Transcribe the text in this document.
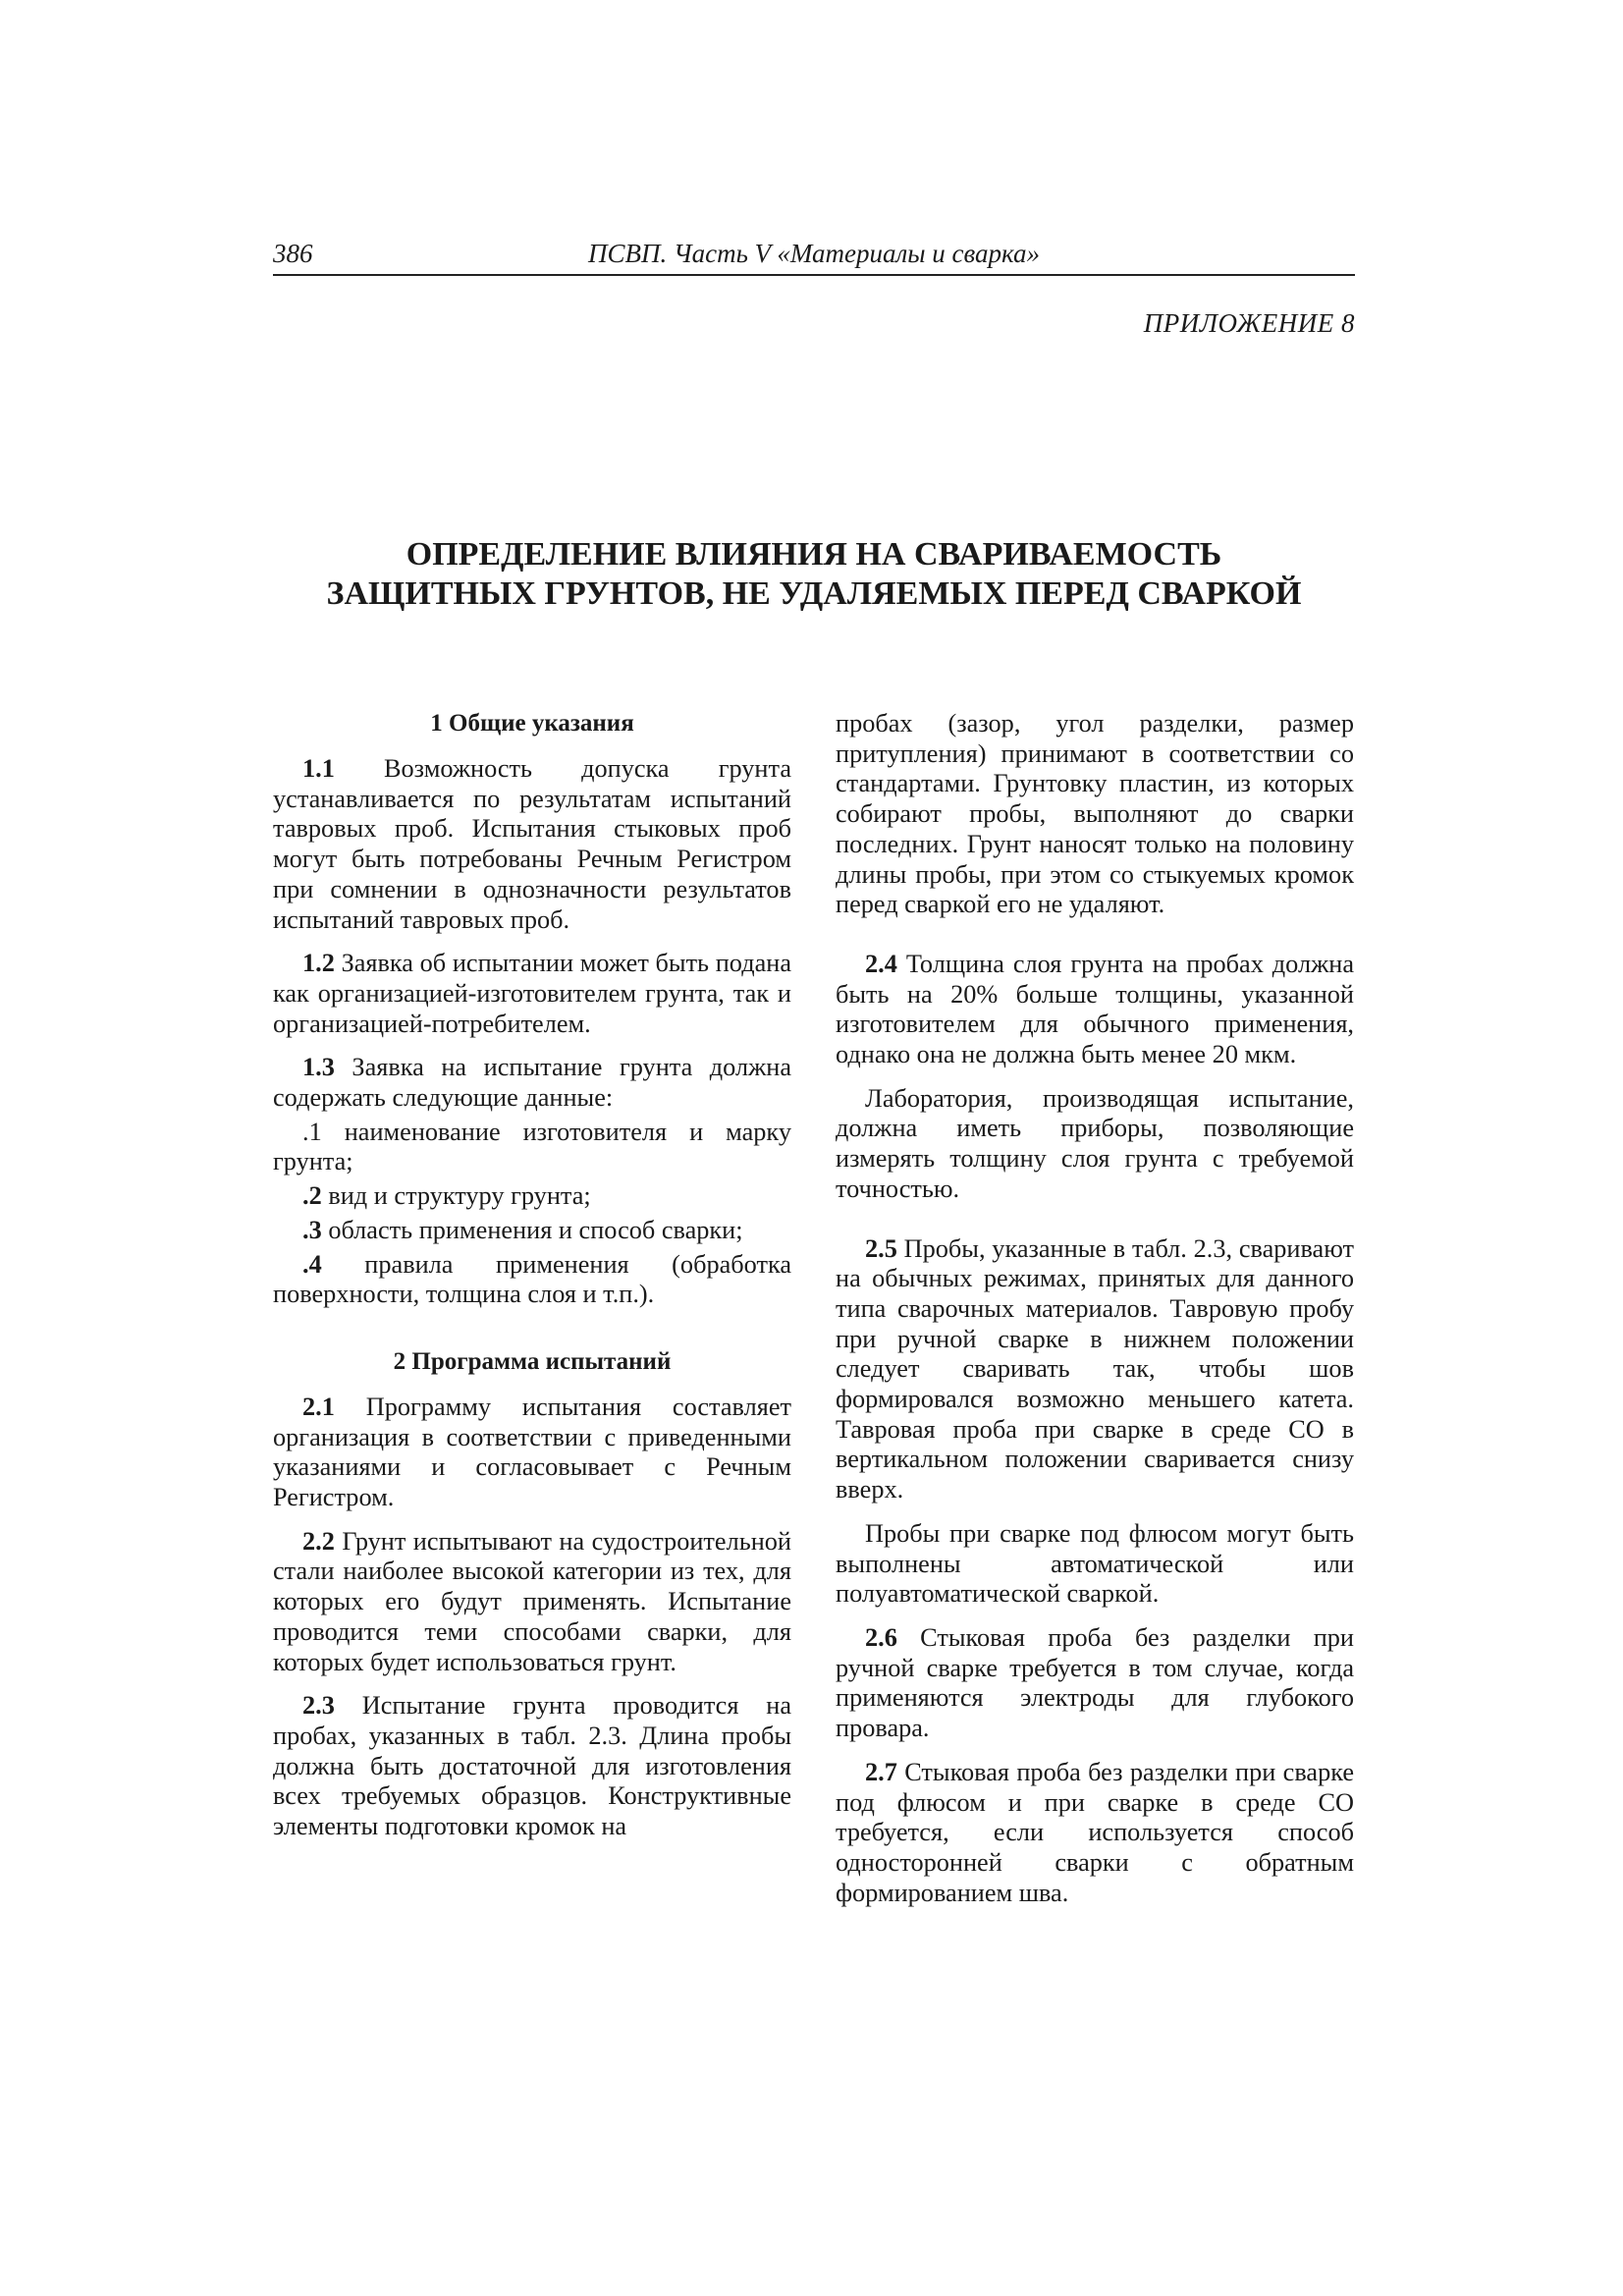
386	ПСВП. Часть V «Материалы и сварка»
ПРИЛОЖЕНИЕ 8
ОПРЕДЕЛЕНИЕ ВЛИЯНИЯ НА СВАРИВАЕМОСТЬ
ЗАЩИТНЫХ ГРУНТОВ, НЕ УДАЛЯЕМЫХ ПЕРЕД СВАРКОЙ
1 Общие указания

1.1 Возможность допуска грунта устанавливается по результатам испытаний тавровых проб. Испытания стыковых проб могут быть потребованы Речным Регистром при сомнении в однозначности результатов испытаний тавровых проб.

1.2 Заявка об испытании может быть подана как организацией-изготовителем грунта, так и организацией-потребителем.

1.3 Заявка на испытание грунта должна содержать следующие данные:

.1 наименование изготовителя и марку грунта;

.2 вид и структуру грунта;

.3 область применения и способ сварки;

.4 правила применения (обработка поверхности, толщина слоя и т.п.).

2 Программа испытаний

2.1 Программу испытания составляет организация в соответствии с приведенными указаниями и согласовывает с Речным Регистром.

2.2 Грунт испытывают на судостроительной стали наиболее высокой категории из тех, для которых его будут применять. Испытание проводится теми способами сварки, для которых будет использоваться грунт.

2.3 Испытание грунта проводится на пробах, указанных в табл. 2.3. Длина пробы должна быть достаточной для изготовления всех требуемых образцов. Конструктивные элементы подготовки кромок на

пробах (зазор, угол разделки, размер притупления) принимают в соответствии со стандартами. Грунтовку пластин, из которых собирают пробы, выполняют до сварки последних. Грунт наносят только на половину длины пробы, при этом со стыкуемых кромок перед сваркой его не удаляют.

2.4 Толщина слоя грунта на пробах должна быть на 20% больше толщины, указанной изготовителем для обычного применения, однако она не должна быть менее 20 мкм.

Лаборатория, производящая испытание, должна иметь приборы, позволяющие измерять толщину слоя грунта с требуемой точностью.

2.5 Пробы, указанные в табл. 2.3, сваривают на обычных режимах, принятых для данного типа сварочных материалов. Тавровую пробу при ручной сварке в нижнем положении следует сваривать так, чтобы шов формировался возможно меньшего катета. Тавровая проба при сварке в среде СО в вертикальном положении сваривается снизу вверх.

Пробы при сварке под флюсом могут быть выполнены автоматической или полуавтоматической сваркой.

2.6 Стыковая проба без разделки при ручной сварке требуется в том случае, когда применяются электроды для глубокого провара.

2.7 Стыковая проба без разделки при сварке под флюсом и при сварке в среде СО требуется, если используется способ односторонней сварки с обратным формированием шва.
